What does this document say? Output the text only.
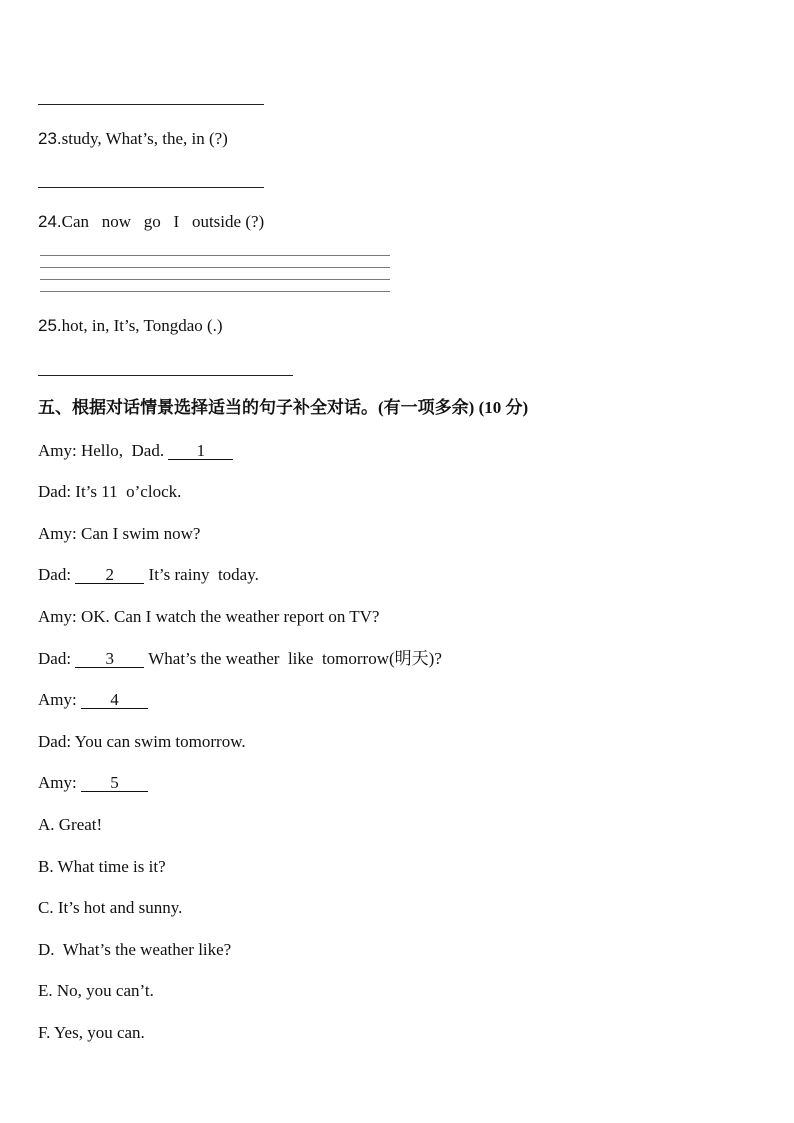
23.study, What’s, the, in (?)
24.Can   now   go   I   outside (?)
25.hot, in, It’s, Tongdao (.)
五、根据对话情景选择适当的句子补全对话。(有一项多余) (10 分)
Amy: Hello,  Dad. 1
Dad: It’s 11  o’clock.
Amy: Can I swim now?
Dad: 2 It’s rainy  today.
Amy: OK. Can I watch the weather report on TV?
Dad: 3 What’s the weather  like  tomorrow(明天)?
Amy: 4
Dad: You can swim tomorrow.
Amy: 5
A. Great!
B. What time is it?
C. It’s hot and sunny.
D.  What’s the weather like?
E. No, you can’t.
F. Yes, you can.
